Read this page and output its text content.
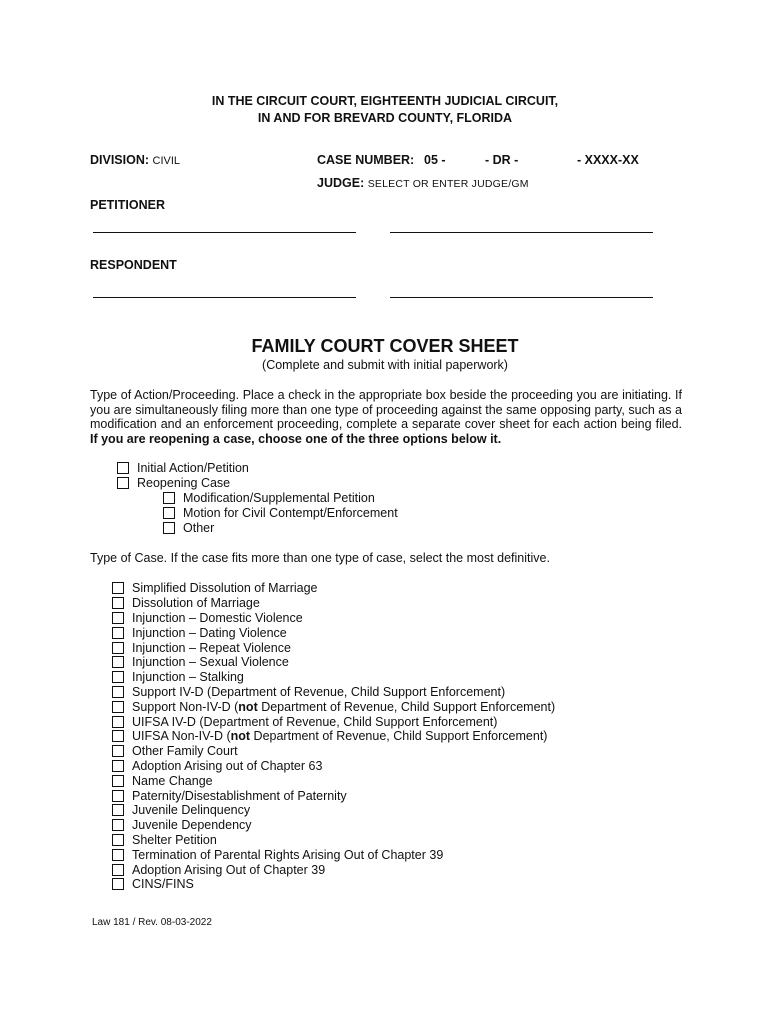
IN THE CIRCUIT COURT, EIGHTEENTH JUDICIAL CIRCUIT,
IN AND FOR BREVARD COUNTY, FLORIDA
DIVISION: CIVIL	CASE NUMBER: 05 -	- DR -	- XXXX-XX
JUDGE: SELECT OR ENTER JUDGE/GM
PETITIONER
RESPONDENT
FAMILY COURT COVER SHEET
(Complete and submit with initial paperwork)
Type of Action/Proceeding. Place a check in the appropriate box beside the proceeding you are initiating. If you are simultaneously filing more than one type of proceeding against the same opposing party, such as a modification and an enforcement proceeding, complete a separate cover sheet for each action being filed. If you are reopening a case, choose one of the three options below it.
Initial Action/Petition
Reopening Case
Modification/Supplemental Petition
Motion for Civil Contempt/Enforcement
Other
Type of Case. If the case fits more than one type of case, select the most definitive.
Simplified Dissolution of Marriage
Dissolution of Marriage
Injunction – Domestic Violence
Injunction – Dating Violence
Injunction – Repeat Violence
Injunction – Sexual Violence
Injunction – Stalking
Support IV-D (Department of Revenue, Child Support Enforcement)
Support Non-IV-D (not Department of Revenue, Child Support Enforcement)
UIFSA IV-D (Department of Revenue, Child Support Enforcement)
UIFSA Non-IV-D (not Department of Revenue, Child Support Enforcement)
Other Family Court
Adoption Arising out of Chapter 63
Name Change
Paternity/Disestablishment of Paternity
Juvenile Delinquency
Juvenile Dependency
Shelter Petition
Termination of Parental Rights Arising Out of Chapter 39
Adoption Arising Out of Chapter 39
CINS/FINS
Law 181 / Rev. 08-03-2022
